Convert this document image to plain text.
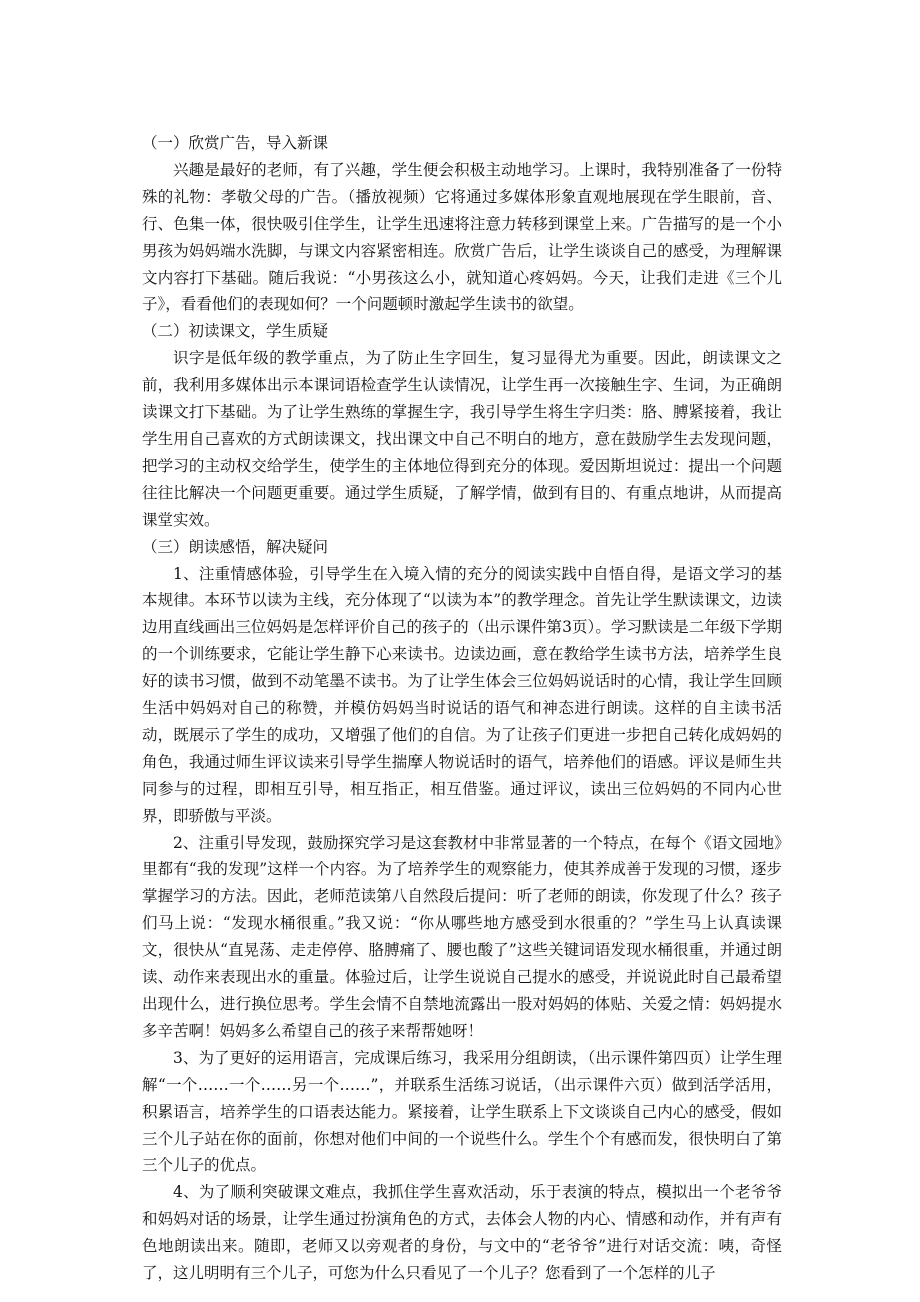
（一）欣赏广告，导入新课

兴趣是最好的老师，有了兴趣，学生便会积极主动地学习。上课时，我特别准备了一份特殊的礼物：孝敬父母的广告。（播放视频）它将通过多媒体形象直观地展现在学生眼前，音、行、色集一体，很快吸引住学生，让学生迅速将注意力转移到课堂上来。广告描写的是一个小男孩为妈妈端水洗脚，与课文内容紧密相连。欣赏广告后，让学生谈谈自己的感受，为理解课文内容打下基础。随后我说：“小男孩这么小，就知道心疼妈妈。今天，让我们走进《三个儿子》，看看他们的表现如何？一个问题顿时激起学生读书的欲望。

（二）初读课文，学生质疑

识字是低年级的教学重点，为了防止生字回生，复习显得尤为重要。因此，朗读课文之前，我利用多媒体出示本课词语检查学生认读情况，让学生再一次接触生字、生词，为正确朗读课文打下基础。为了让学生熟练的掌握生字，我引导学生将生字归类：胳、膊紧接着，我让学生用自己喜欢的方式朗读课文，找出课文中自己不明白的地方，意在鼓励学生去发现问题，把学习的主动权交给学生，使学生的主体地位得到充分的体现。爱因斯坦说过：提出一个问题往往比解决一个问题更重要。通过学生质疑，了解学情，做到有目的、有重点地讲，从而提高课堂实效。

（三）朗读感悟，解决疑问

1、注重情感体验，引导学生在入境入情的充分的阅读实践中自悟自得，是语文学习的基本规律。本环节以读为主线，充分体现了“以读为本”的教学理念。首先让学生默读课文，边读边用直线画出三位妈妈是怎样评价自己的孩子的（出示课件第3页）。学习默读是二年级下学期的一个训练要求，它能让学生静下心来读书。边读边画，意在教给学生读书方法，培养学生良好的读书习惯，做到不动笔墨不读书。为了让学生体会三位妈妈说话时的心情，我让学生回顾生活中妈妈对自己的称赞，并模仿妈妈当时说话的语气和神态进行朗读。这样的自主读书活动，既展示了学生的成功，又增强了他们的自信。为了让孩子们更进一步把自己转化成妈妈的角色，我通过师生评议读来引导学生揣摩人物说话时的语气，培养他们的语感。评议是师生共同参与的过程，即相互引导，相互指正，相互借鉴。通过评议，读出三位妈妈的不同内心世界，即骄傲与平淡。

2、注重引导发现，鼓励探究学习是这套教材中非常显著的一个特点，在每个《语文园地》里都有“我的发现”这样一个内容。为了培养学生的观察能力，使其养成善于发现的习惯，逐步掌握学习的方法。因此，老师范读第八自然段后提问：听了老师的朗读，你发现了什么？孩子们马上说：“发现水桶很重。”我又说：“你从哪些地方感受到水很重的？”学生马上认真读课文，很快从“直晃荡、走走停停、胳膊痛了、腰也酸了”这些关键词语发现水桶很重，并通过朗读、动作来表现出水的重量。体验过后，让学生说说自己提水的感受，并说说此时自己最希望出现什么，进行换位思考。学生会情不自禁地流露出一股对妈妈的体贴、关爱之情：妈妈提水多辛苦啊！妈妈多么希望自己的孩子来帮帮她呀！

3、为了更好的运用语言，完成课后练习，我采用分组朗读，（出示课件第四页）让学生理解“一个……一个……另一个……”，并联系生活练习说话，（出示课件六页）做到活学活用，积累语言，培养学生的口语表达能力。紧接着，让学生联系上下文谈谈自己内心的感受，假如三个儿子站在你的面前，你想对他们中间的一个说些什么。学生个个有感而发，很快明白了第三个儿子的优点。

4、为了顺利突破课文难点，我抓住学生喜欢活动，乐于表演的特点，模拟出一个老爷爷和妈妈对话的场景，让学生通过扮演角色的方式，去体会人物的内心、情感和动作，并有声有色地朗读出来。随即，老师又以旁观者的身份，与文中的“老爷爷”进行对话交流：咦，奇怪了，这儿明明有三个儿子，可您为什么只看见了一个儿子？您看到了一个怎样的儿子
